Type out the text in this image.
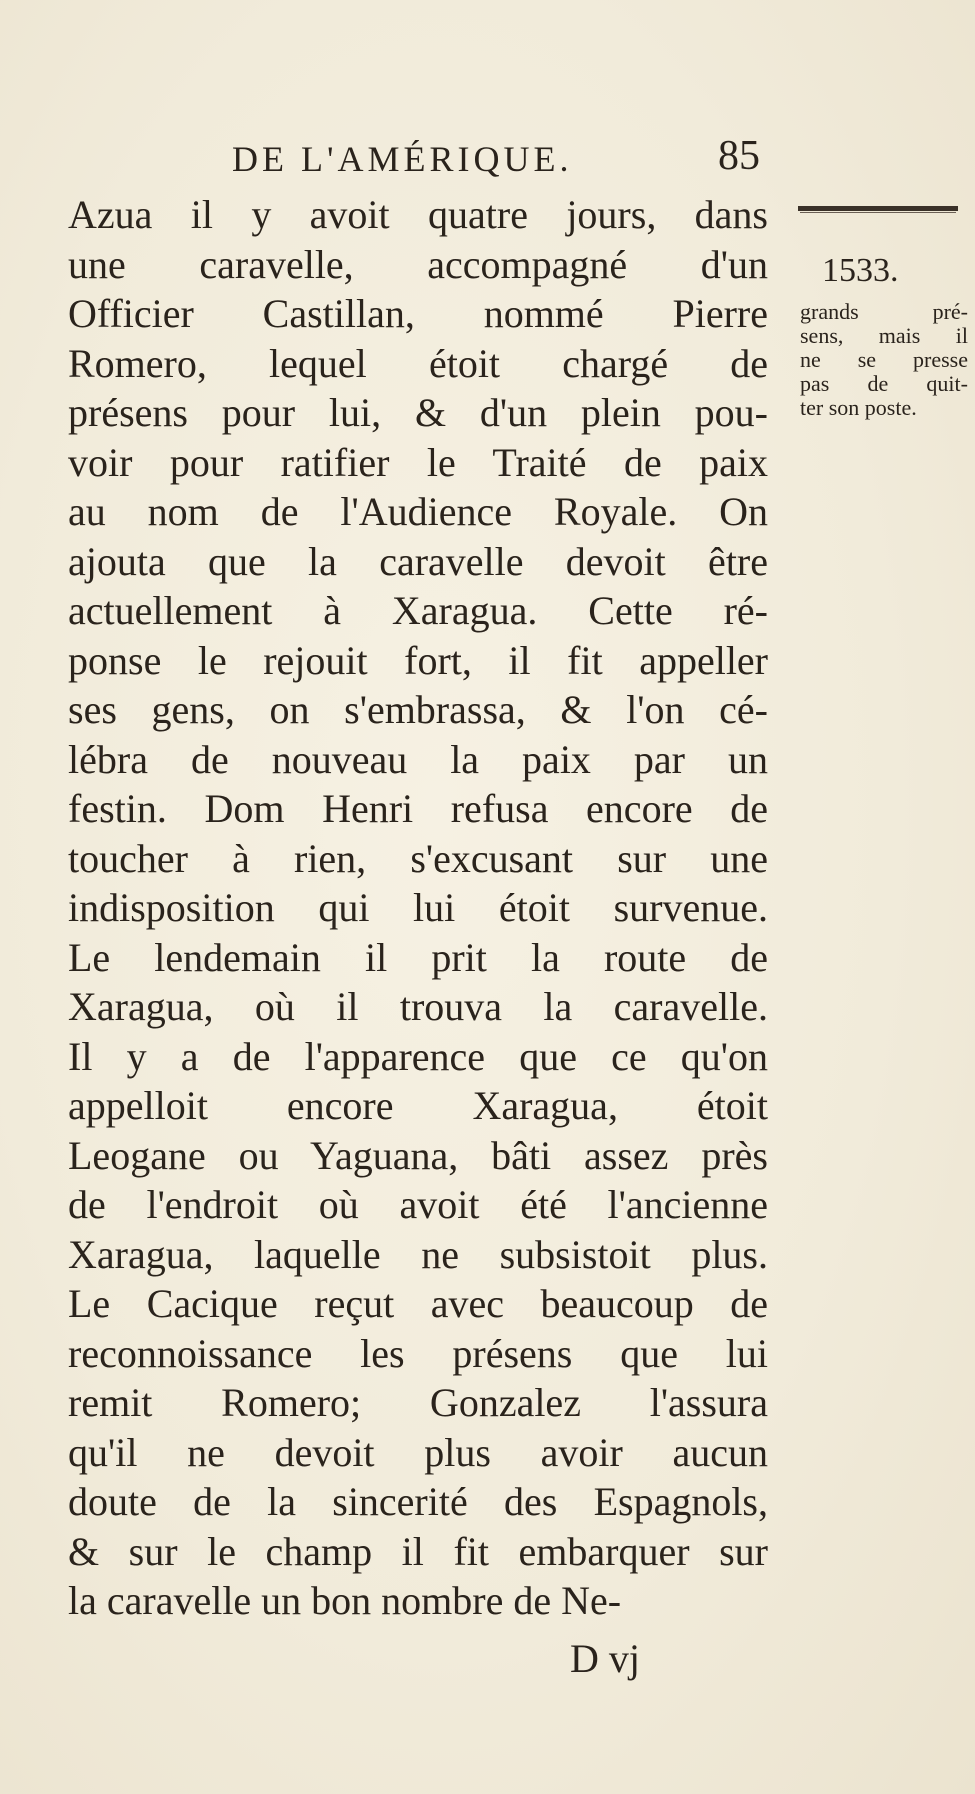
DE L'AMÉRIQUE.	85
Azua il y avoit quatre jours, dans
une caravelle, accompagné d'un
Officier Castillan, nommé Pierre
Romero, lequel étoit chargé de
présens pour lui, & d'un plein pou-
voir pour ratifier le Traité de paix
au nom de l'Audience Royale. On
ajouta que la caravelle devoit être
actuellement à Xaragua. Cette ré-
ponse le rejouit fort, il fit appeller
ses gens, on s'embrassa, & l'on cé-
lébra de nouveau la paix par un
festin. Dom Henri refusa encore de
toucher à rien, s'excusant sur une
indisposition qui lui étoit survenue.
Le lendemain il prit la route de
Xaragua, où il trouva la caravelle.
Il y a de l'apparence que ce qu'on
appelloit encore Xaragua, étoit
Leogane ou Yaguana, bâti assez près
de l'endroit où avoit été l'ancienne
Xaragua, laquelle ne subsistoit plus.
Le Cacique reçut avec beaucoup de
reconnoissance les présens que lui
remit Romero; Gonzalez l'assura
qu'il ne devoit plus avoir aucun
doute de la sincerité des Espagnols,
& sur le champ il fit embarquer sur
la caravelle un bon nombre de Ne-
1533.
grands pré-
sens, mais il
ne se presse
pas de quit-
ter son poste.
D vj
